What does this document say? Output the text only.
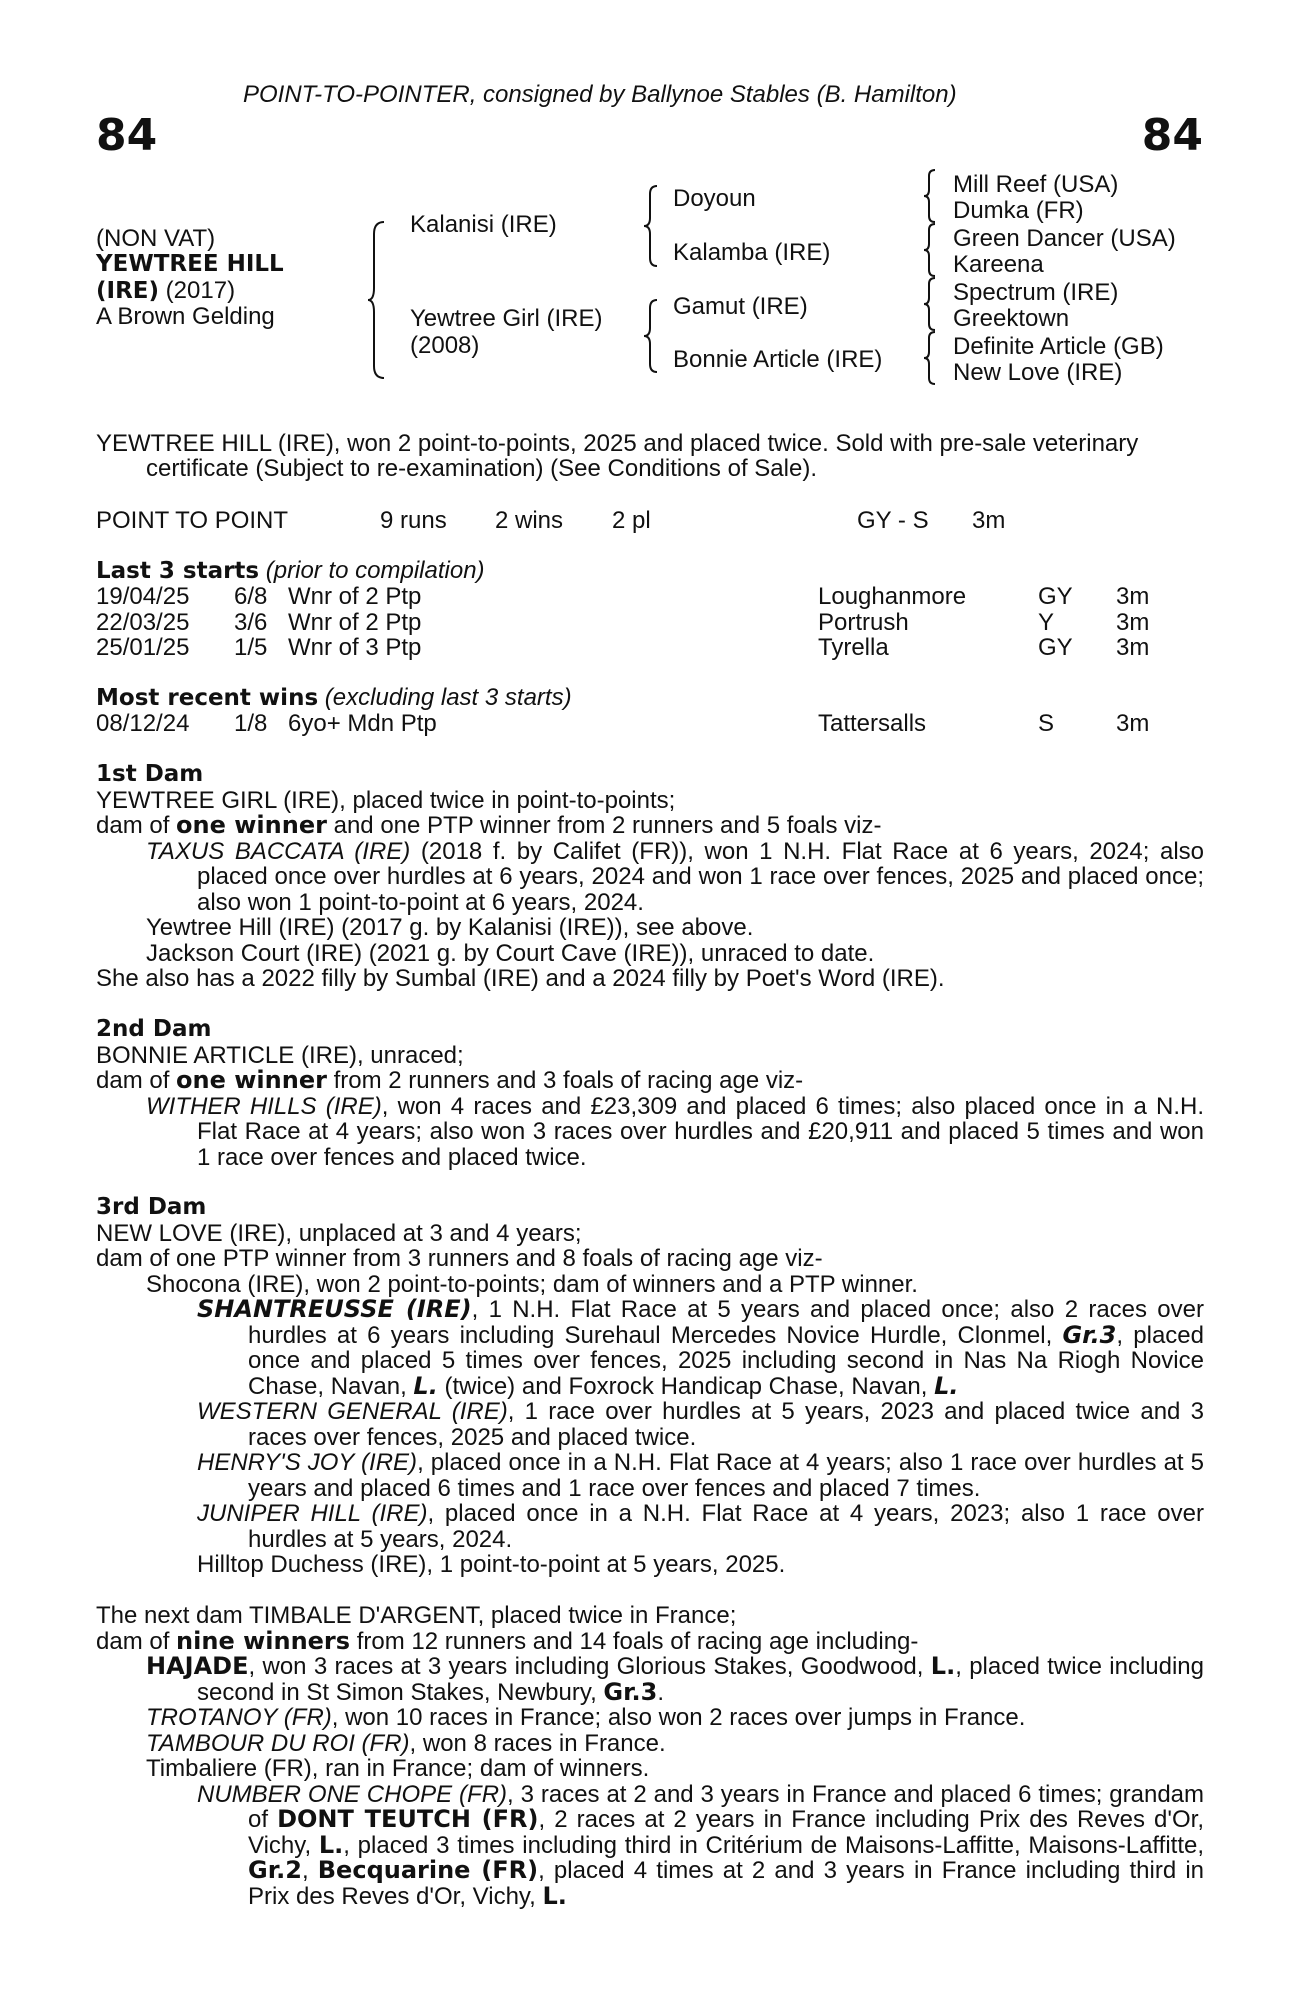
POINT-TO-POINTER, consigned by Ballynoe Stables (B. Hamilton)
84	84
(NON VAT)
YEWTREE HILL
(IRE) (2017)
A Brown Gelding
Kalanisi (IRE)
Yewtree Girl (IRE)
(2008)
Doyoun
Kalamba (IRE)
Gamut (IRE)
Bonnie Article (IRE)
Mill Reef (USA)
Dumka (FR)
Green Dancer (USA)
Kareena
Spectrum (IRE)
Greektown
Definite Article (GB)
New Love (IRE)
YEWTREE HILL (IRE), won 2 point-to-points, 2025 and placed twice. Sold with pre-sale veterinary
certificate (Subject to re-examination) (See Conditions of Sale).
POINT TO POINT	9 runs 2 wins 2 pl	GY - S 3m
Last 3 starts (prior to compilation)
19/04/25 6/8 Wnr of 2 Ptp	Loughanmore	GY 3m
22/03/25 3/6 Wnr of 2 Ptp	Portrush	Y	3m
25/01/25 1/5 Wnr of 3 Ptp	Tyrella	GY 3m
Most recent wins (excluding last 3 starts)
08/12/24 1/8 6yo+ Mdn Ptp	Tattersalls	S	3m
1st Dam
YEWTREE GIRL (IRE), placed twice in point-to-points;
dam of one winner and one PTP winner from 2 runners and 5 foals viz-
TAXUS BACCATA (IRE) (2018 f. by Califet (FR)), won 1 N.H. Flat Race at 6 years, 2024; also placed once over hurdles at 6 years, 2024 and won 1 race over fences, 2025 and placed once; also won 1 point-to-point at 6 years, 2024.
Yewtree Hill (IRE) (2017 g. by Kalanisi (IRE)), see above.
Jackson Court (IRE) (2021 g. by Court Cave (IRE)), unraced to date.
She also has a 2022 filly by Sumbal (IRE) and a 2024 filly by Poet's Word (IRE).
2nd Dam
BONNIE ARTICLE (IRE), unraced;
dam of one winner from 2 runners and 3 foals of racing age viz-
WITHER HILLS (IRE), won 4 races and £23,309 and placed 6 times; also placed once in a N.H. Flat Race at 4 years; also won 3 races over hurdles and £20,911 and placed 5 times and won 1 race over fences and placed twice.
3rd Dam
NEW LOVE (IRE), unplaced at 3 and 4 years;
dam of one PTP winner from 3 runners and 8 foals of racing age viz-
Shocona (IRE), won 2 point-to-points; dam of winners and a PTP winner.
SHANTREUSSE (IRE), 1 N.H. Flat Race at 5 years and placed once; also 2 races over hurdles at 6 years including Surehaul Mercedes Novice Hurdle, Clonmel, Gr.3, placed once and placed 5 times over fences, 2025 including second in Nas Na Riogh Novice Chase, Navan, L. (twice) and Foxrock Handicap Chase, Navan, L.
WESTERN GENERAL (IRE), 1 race over hurdles at 5 years, 2023 and placed twice and 3 races over fences, 2025 and placed twice.
HENRY'S JOY (IRE), placed once in a N.H. Flat Race at 4 years; also 1 race over hurdles at 5 years and placed 6 times and 1 race over fences and placed 7 times.
JUNIPER HILL (IRE), placed once in a N.H. Flat Race at 4 years, 2023; also 1 race over hurdles at 5 years, 2024.
Hilltop Duchess (IRE), 1 point-to-point at 5 years, 2025.
The next dam TIMBALE D'ARGENT, placed twice in France;
dam of nine winners from 12 runners and 14 foals of racing age including-
HAJADE, won 3 races at 3 years including Glorious Stakes, Goodwood, L., placed twice including second in St Simon Stakes, Newbury, Gr.3.
TROTANOY (FR), won 10 races in France; also won 2 races over jumps in France.
TAMBOUR DU ROI (FR), won 8 races in France.
Timbaliere (FR), ran in France; dam of winners.
NUMBER ONE CHOPE (FR), 3 races at 2 and 3 years in France and placed 6 times; grandam of DONT TEUTCH (FR), 2 races at 2 years in France including Prix des Reves d'Or, Vichy, L., placed 3 times including third in Critérium de Maisons-Laffitte, Maisons-Laffitte, Gr.2, Becquarine (FR), placed 4 times at 2 and 3 years in France including third in Prix des Reves d'Or, Vichy, L.
